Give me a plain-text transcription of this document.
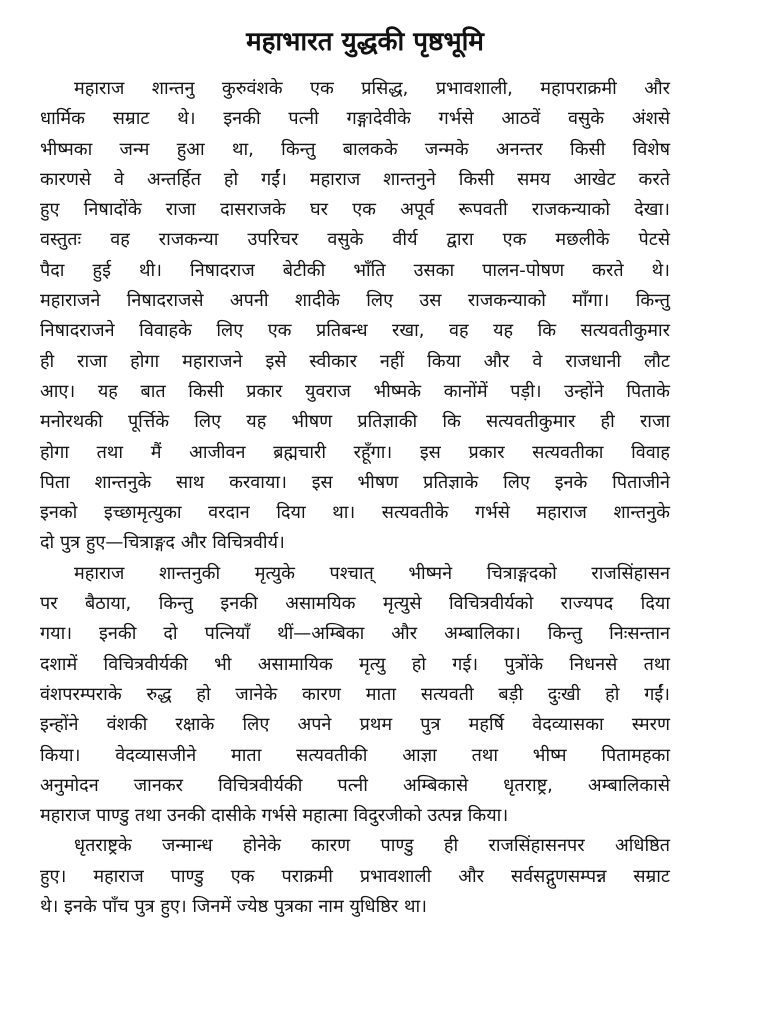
महाभारत युद्धकी पृष्ठभूमि
महाराज शान्तनु कुरुवंशके एक प्रसिद्ध, प्रभावशाली, महापराक्रमी और
धार्मिक सम्राट थे। इनकी पत्नी गङ्गादेवीके गर्भसे आठवें वसुके अंशसे
भीष्मका जन्म हुआ था, किन्तु बालकके जन्मके अनन्तर किसी विशेष
कारणसे वे अन्तर्हित हो गईं। महाराज शान्तनुने किसी समय आखेट करते
हुए निषादोंके राजा दासराजके घर एक अपूर्व रूपवती राजकन्याको देखा।
वस्तुतः वह राजकन्या उपरिचर वसुके वीर्य द्वारा एक मछलीके पेटसे
पैदा हुई थी। निषादराज बेटीकी भाँति उसका पालन-पोषण करते थे।
महाराजने निषादराजसे अपनी शादीके लिए उस राजकन्याको माँगा। किन्तु
निषादराजने विवाहके लिए एक प्रतिबन्ध रखा, वह यह कि सत्यवतीकुमार
ही राजा होगा महाराजने इसे स्वीकार नहीं किया और वे राजधानी लौट
आए। यह बात किसी प्रकार युवराज भीष्मके कानोंमें पड़ी। उन्होंने पिताके
मनोरथकी पूर्त्तिके लिए यह भीषण प्रतिज्ञाकी कि सत्यवतीकुमार ही राजा
होगा तथा मैं आजीवन ब्रह्मचारी रहूँगा। इस प्रकार सत्यवतीका विवाह
पिता शान्तनुके साथ करवाया। इस भीषण प्रतिज्ञाके लिए इनके पिताजीने
इनको इच्छामृत्युका वरदान दिया था। सत्यवतीके गर्भसे महाराज शान्तनुके
दो पुत्र हुए—चित्राङ्गद और विचित्रवीर्य।
महाराज शान्तनुकी मृत्युके पश्चात् भीष्मने चित्राङ्गदको राजसिंहासन
पर बैठाया, किन्तु इनकी असामयिक मृत्युसे विचित्रवीर्यको राज्यपद दिया
गया। इनकी दो पत्नियाँ थीं—अम्बिका और अम्बालिका। किन्तु निःसन्तान
दशामें विचित्रवीर्यकी भी असामायिक मृत्यु हो गई। पुत्रोंके निधनसे तथा
वंशपरम्पराके रुद्ध हो जानेके कारण माता सत्यवती बड़ी दुःखी हो गईं।
इन्होंने वंशकी रक्षाके लिए अपने प्रथम पुत्र महर्षि वेदव्यासका स्मरण
किया। वेदव्यासजीने माता सत्यवतीकी आज्ञा तथा भीष्म पितामहका
अनुमोदन जानकर विचित्रवीर्यकी पत्नी अम्बिकासे धृतराष्ट्र, अम्बालिकासे
महाराज पाण्डु तथा उनकी दासीके गर्भसे महात्मा विदुरजीको उत्पन्न किया।
धृतराष्ट्रके जन्मान्ध होनेके कारण पाण्डु ही राजसिंहासनपर अधिष्ठित
हुए। महाराज पाण्डु एक पराक्रमी प्रभावशाली और सर्वसद्गुणसम्पन्न सम्राट
थे। इनके पाँच पुत्र हुए। जिनमें ज्येष्ठ पुत्रका नाम युधिष्ठिर था।
